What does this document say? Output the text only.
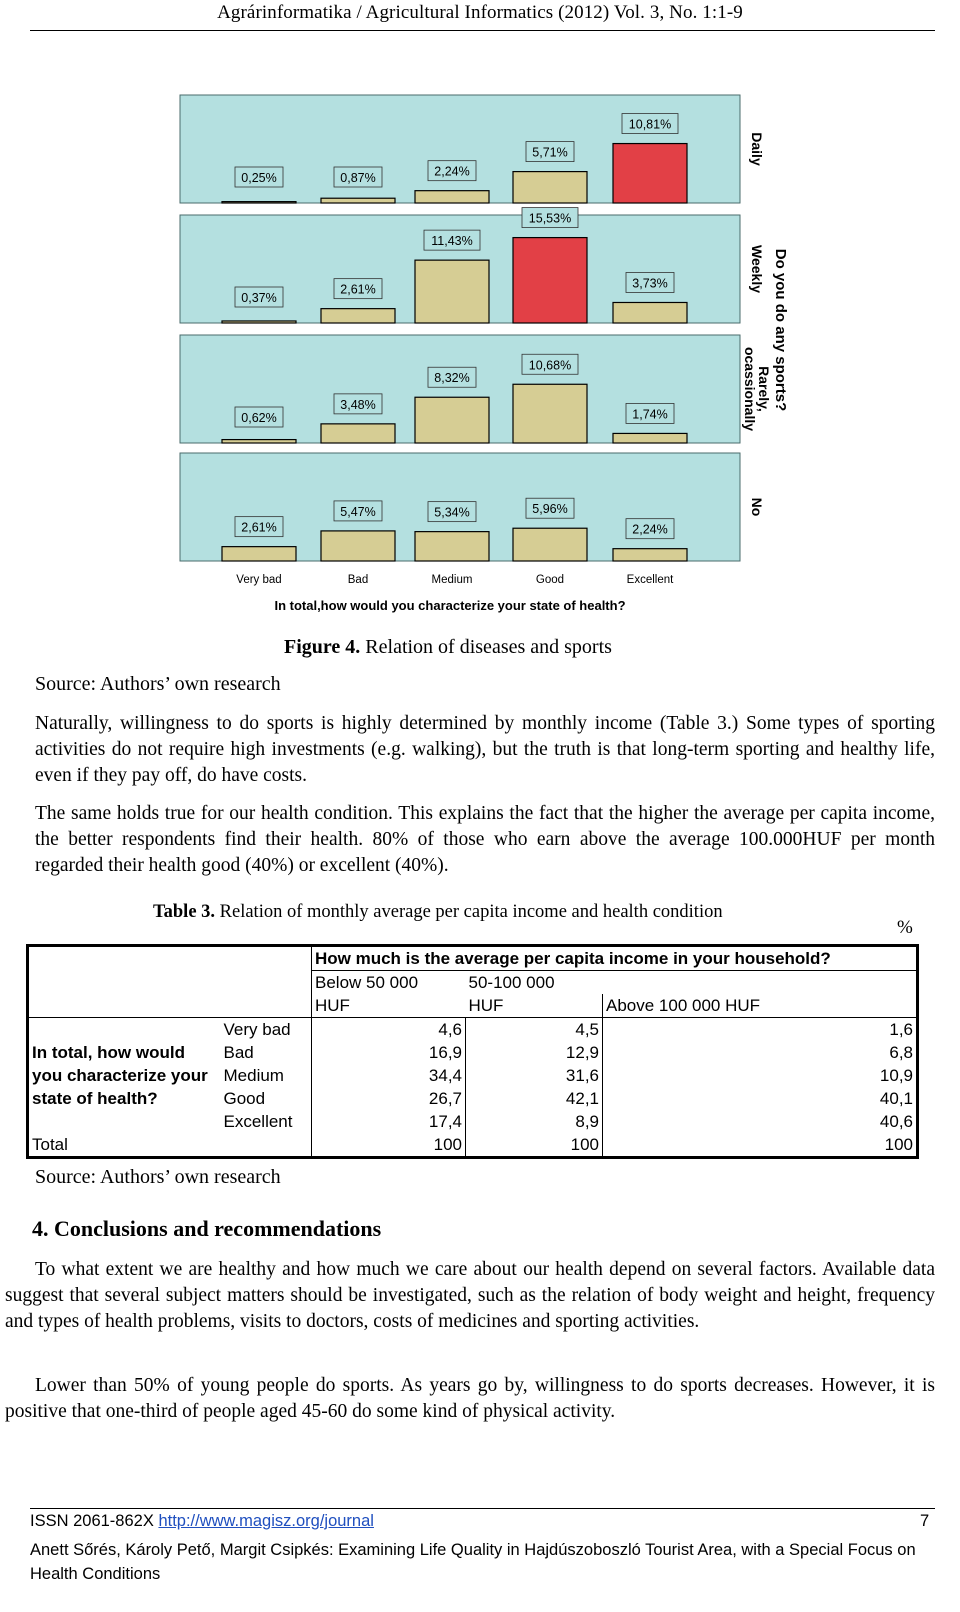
Agrárinformatika / Agricultural Informatics (2012) Vol. 3, No. 1:1-9
0,25%	0,87%	2,24%
5,71%
10,81%
Daily
0,37%
2,61%
11,43%
15,53%
3,73%	Weekly
0,62%
3,48%
8,32%
10,68%
1,74%
Rarely,
ocassionally
2,61%
5,47%	5,34%	5,96%
2,24%
No
Do you do any sports?
Very bad	Bad	Medium	Good	Excellent
In total,how would you characterize your state of health?
Figure 4. Relation of diseases and sports
Source: Authors’ own research
Naturally, willingness to do sports is highly determined by monthly income (Table 3.) Some types of sporting activities do not require high investments (e.g. walking), but the truth is that long-term sporting and healthy life, even if they pay off, do have costs.
The same holds true for our health condition. This explains the fact that the higher the average per capita income, the better respondents find their health. 80% of those who earn above the average 100.000HUF per month regarded their health good (40%) or excellent (40%).
Table 3. Relation of monthly average per capita income and health condition
%
		How much is the average per capita income in your household?		
		Below 50 000	50-100 000	
		HUF	HUF	Above 100 000 HUF
	Very bad	4,6	4,5	1,6
In total, how would	Bad	16,9	12,9	6,8
you characterize your	Medium	34,4	31,6	10,9
state of health?	Good	26,7	42,1	40,1
	Excellent	17,4	8,9	40,6
Total		100	100	100
Source: Authors’ own research
4. Conclusions and recommendations
To what extent we are healthy and how much we care about our health depend on several factors. Available data suggest that several subject matters should be investigated, such as the relation of body weight and height, frequency and types of health problems, visits to doctors, costs of medicines and sporting activities.
Lower than 50% of young people do sports. As years go by, willingness to do sports decreases. However, it is positive that one-third of people aged 45-60 do some kind of physical activity.
ISSN 2061-862X http://www.magisz.org/journal	7
Anett Sőrés, Károly Pető, Margit Csipkés: Examining Life Quality in Hajdúszoboszló Tourist Area, with a Special Focus on Health Conditions
